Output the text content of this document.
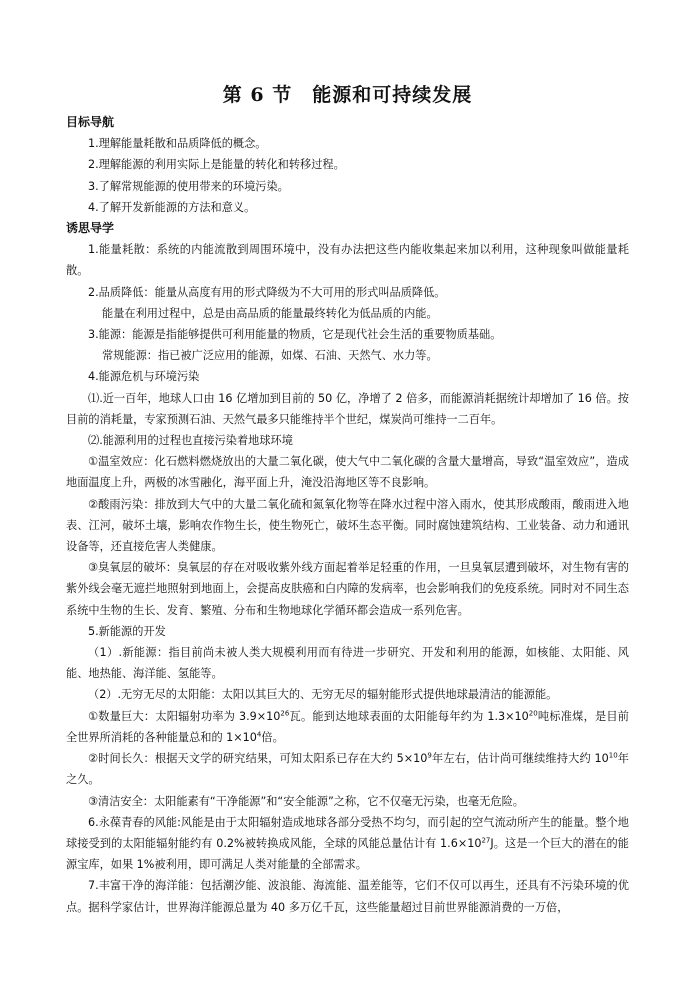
第 6 节　能源和可持续发展

目标导航

1.理解能量耗散和品质降低的概念。

2.理解能源的利用实际上是能量的转化和转移过程。

3.了解常规能源的使用带来的环境污染。

4.了解开发新能源的方法和意义。

诱思导学

1.能量耗散：系统的内能流散到周围环境中，没有办法把这些内能收集起来加以利用，这种现象叫做能量耗散。

2.品质降低：能量从高度有用的形式降级为不大可用的形式叫品质降低。

能量在利用过程中，总是由高品质的能量最终转化为低品质的内能。

3.能源：能源是指能够提供可利用能量的物质，它是现代社会生活的重要物质基础。

常规能源：指已被广泛应用的能源，如煤、石油、天然气、水力等。

4.能源危机与环境污染

⑴.近一百年，地球人口由 16 亿增加到目前的 50 亿，净增了 2 倍多，而能源消耗据统计却增加了 16 倍。按目前的消耗量，专家预测石油、天然气最多只能维持半个世纪，煤炭尚可维持一二百年。

⑵.能源利用的过程也直接污染着地球环境

①温室效应：化石燃料燃烧放出的大量二氧化碳，使大气中二氧化碳的含量大量增高，导致“温室效应”，造成地面温度上升，两极的冰雪融化，海平面上升，淹没沿海地区等不良影响。

②酸雨污染：排放到大气中的大量二氧化硫和氮氧化物等在降水过程中溶入雨水，使其形成酸雨，酸雨进入地表、江河，破坏土壤，影响农作物生长，使生物死亡，破坏生态平衡。同时腐蚀建筑结构、工业装备、动力和通讯设备等，还直接危害人类健康。

③臭氧层的破坏：臭氧层的存在对吸收紫外线方面起着举足轻重的作用，一旦臭氧层遭到破坏，对生物有害的紫外线会毫无遮拦地照射到地面上，会提高皮肤癌和白内障的发病率，也会影响我们的免疫系统。同时对不同生态系统中生物的生长、发育、繁殖、分布和生物地球化学循环都会造成一系列危害。

5.新能源的开发

（1）.新能源：指目前尚未被人类大规模利用而有待进一步研究、开发和利用的能源，如核能、太阳能、风能、地热能、海洋能、氢能等。

（2）.无穷无尽的太阳能：太阳以其巨大的、无穷无尽的辐射能形式提供地球最清洁的能源能。

①数量巨大：太阳辐射功率为 $3.9\times 10^{26}$瓦。能到达地球表面的太阳能每年约为 $1.3\times 10^{20}$吨标准煤，是目前全世界所消耗的各种能量总和的 $1\times 10^4$倍。

②时间长久：根据天文学的研究结果，可知太阳系已存在大约 $5\times 10^9$年左右，估计尚可继续维持大约 $10^{10}$年之久。

③清洁安全：太阳能素有“干净能源”和“安全能源”之称，它不仅毫无污染，也毫无危险。

6.永葆青春的风能:风能是由于太阳辐射造成地球各部分受热不均匀，而引起的空气流动所产生的能量。整个地球接受到的太阳能辐射能约有 0.2%被转换成风能，全球的风能总量估计有 $1.6\times 10^{27}J$。这是一个巨大的潜在的能源宝库，如果 1%被利用，即可满足人类对能量的全部需求。

7.丰富干净的海洋能：包括潮汐能、波浪能、海流能、温差能等，它们不仅可以再生，还具有不污染环境的优点。据科学家估计，世界海洋能源总量为 40 多万亿千瓦，这些能量超过目前世界能源消费的一万倍，
